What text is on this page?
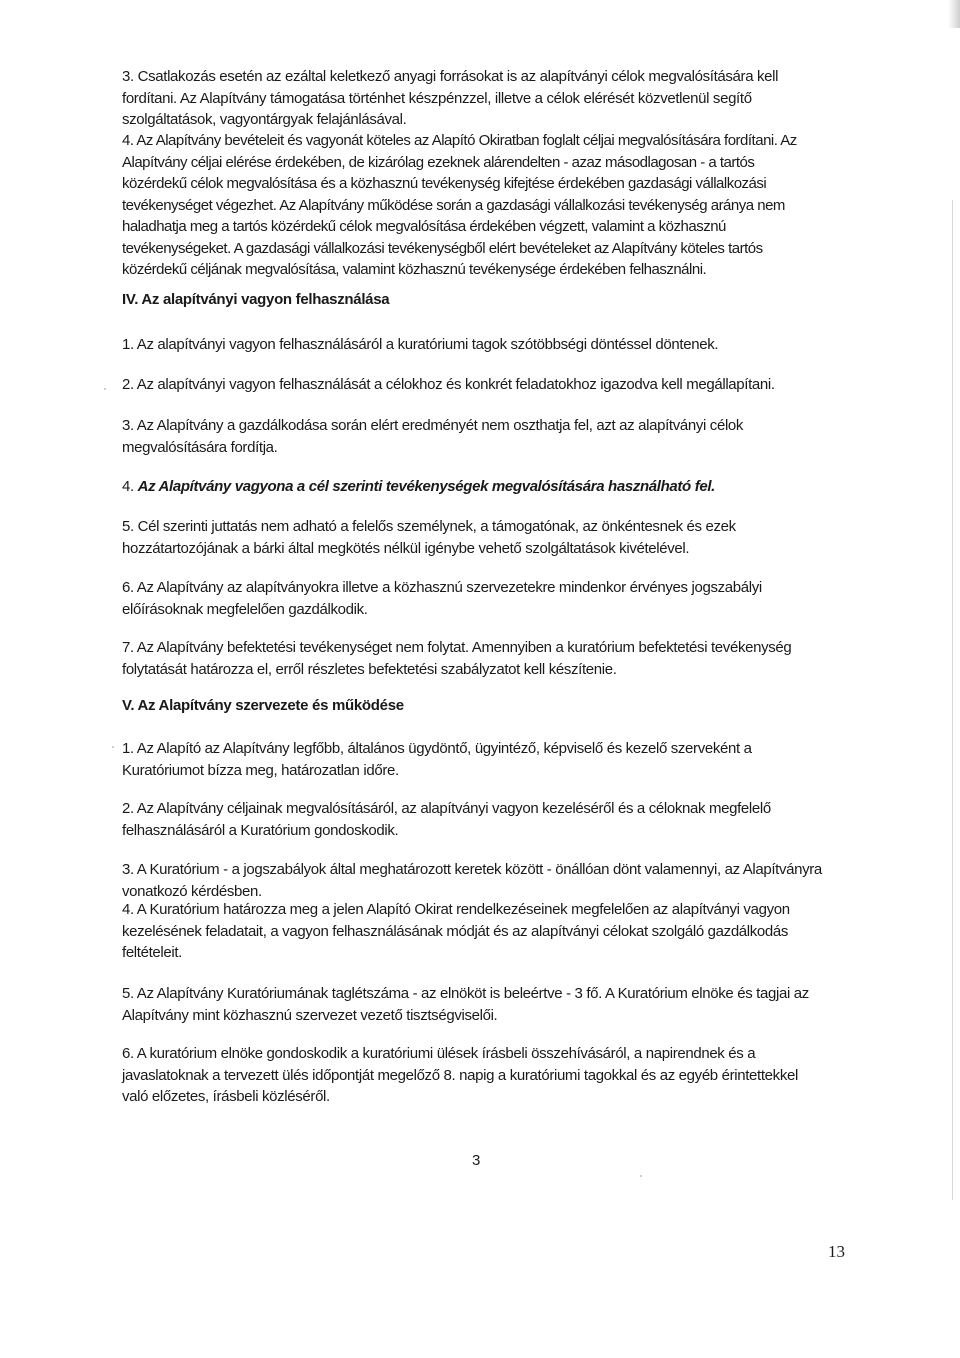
3. Csatlakozás esetén az ezáltal keletkező anyagi forrásokat is az alapítványi célok megvalósítására kell fordítani. Az Alapítvány támogatása történhet készpénzzel, illetve a célok elérését közvetlenül segítő szolgáltatások, vagyontárgyak felajánlásával.

4. Az Alapítvány bevételeit és vagyonát köteles az Alapító Okiratban foglalt céljai megvalósítására fordítani. Az Alapítvány céljai elérése érdekében, de kizárólag ezeknek alárendelten - azaz másodlagosan - a tartós közérdekű célok megvalósítása és a közhasznú tevékenység kifejtése érdekében gazdasági vállalkozási tevékenységet végezhet. Az Alapítvány működése során a gazdasági vállalkozási tevékenység aránya nem haladhatja meg a tartós közérdekű célok megvalósítása érdekében végzett, valamint a közhasznú tevékenységeket. A gazdasági vállalkozási tevékenységből elért bevételeket az Alapítvány köteles tartós közérdekű céljának megvalósítása, valamint közhasznú tevékenysége érdekében felhasználni.

IV. Az alapítványi vagyon felhasználása

1. Az alapítványi vagyon felhasználásáról a kuratóriumi tagok szótöbbségi döntéssel döntenek.

2. Az alapítványi vagyon felhasználását a célokhoz és konkrét feladatokhoz igazodva kell megállapítani.

3. Az Alapítvány a gazdálkodása során elért eredményét nem oszthatja fel, azt az alapítványi célok megvalósítására fordítja.

4. Az Alapítvány vagyona a cél szerinti tevékenységek megvalósítására használható fel.

5. Cél szerinti juttatás nem adható a felelős személynek, a támogatónak, az önkéntesnek és ezek hozzátartozójának a bárki által megkötés nélkül igénybe vehető szolgáltatások kivételével.

6. Az Alapítvány az alapítványokra illetve a közhasznú szervezetekre mindenkor érvényes jogszabályi előírásoknak megfelelően gazdálkodik.

7. Az Alapítvány befektetési tevékenységet nem folytat. Amennyiben a kuratórium befektetési tevékenység folytatását határozza el, erről részletes befektetési szabályzatot kell készítenie.

V. Az Alapítvány szervezete és működése

1. Az Alapító az Alapítvány legfőbb, általános ügydöntő, ügyintéző, képviselő és kezelő szerveként a Kuratóriumot bízza meg, határozatlan időre.

2. Az Alapítvány céljainak megvalósításáról, az alapítványi vagyon kezeléséről és a céloknak megfelelő felhasználásáról a Kuratórium gondoskodik.

3. A Kuratórium - a jogszabályok által meghatározott keretek között - önállóan dönt valamennyi, az Alapítványra vonatkozó kérdésben.

4. A Kuratórium határozza meg a jelen Alapító Okirat rendelkezéseinek megfelelően az alapítványi vagyon kezelésének feladatait, a vagyon felhasználásának módját és az alapítványi célokat szolgáló gazdálkodás feltételeit.

5. Az Alapítvány Kuratóriumának taglétszáma - az elnököt is beleértve - 3 fő. A Kuratórium elnöke és tagjai az Alapítvány mint közhasznú szervezet vezető tisztségviselői.

6. A kuratórium elnöke gondoskodik a kuratóriumi ülések írásbeli összehívásáról, a napirendnek és a javaslatoknak a tervezett ülés időpontját megelőző 8. napig a kuratóriumi tagokkal és az egyéb érintettekkel való előzetes, írásbeli közléséről.

3
13
